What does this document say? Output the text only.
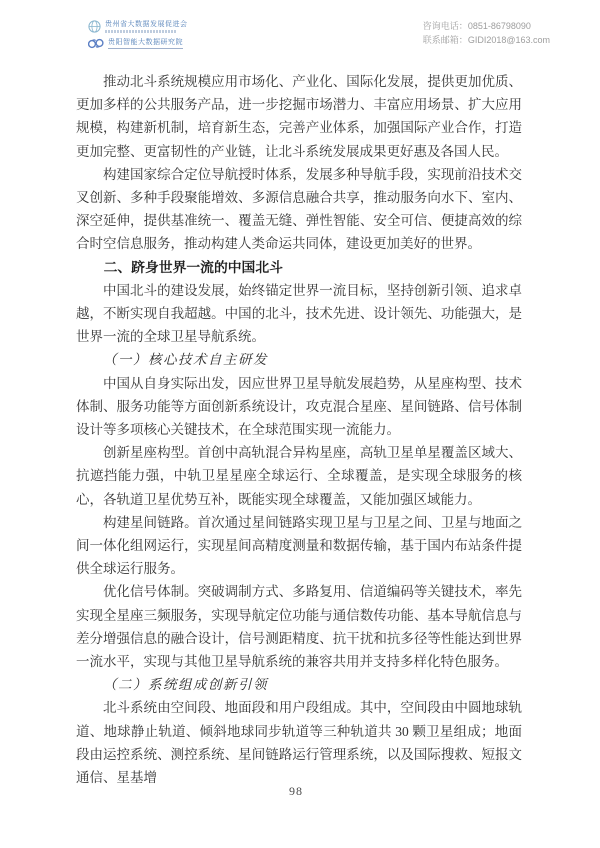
贵州省大数据发展促进会
贵阳智能大数据研究院
咨询电话：0851-86798090
联系邮箱：GIDI2018@163.com

推动北斗系统规模应用市场化、产业化、国际化发展，提供更加优质、更加多样的公共服务产品，进一步挖掘市场潜力、丰富应用场景、扩大应用规模，构建新机制，培育新生态，完善产业体系，加强国际产业合作，打造更加完整、更富韧性的产业链，让北斗系统发展成果更好惠及各国人民。

构建国家综合定位导航授时体系，发展多种导航手段，实现前沿技术交叉创新、多种手段聚能增效、多源信息融合共享，推动服务向水下、室内、深空延伸，提供基准统一、覆盖无缝、弹性智能、安全可信、便捷高效的综合时空信息服务，推动构建人类命运共同体，建设更加美好的世界。

二、跻身世界一流的中国北斗

中国北斗的建设发展，始终锚定世界一流目标，坚持创新引领、追求卓越，不断实现自我超越。中国的北斗，技术先进、设计领先、功能强大，是世界一流的全球卫星导航系统。

（一）核心技术自主研发

中国从自身实际出发，因应世界卫星导航发展趋势，从星座构型、技术体制、服务功能等方面创新系统设计，攻克混合星座、星间链路、信号体制设计等多项核心关键技术，在全球范围实现一流能力。

创新星座构型。首创中高轨混合异构星座，高轨卫星单星覆盖区域大、抗遮挡能力强，中轨卫星星座全球运行、全球覆盖，是实现全球服务的核心，各轨道卫星优势互补，既能实现全球覆盖，又能加强区域能力。

构建星间链路。首次通过星间链路实现卫星与卫星之间、卫星与地面之间一体化组网运行，实现星间高精度测量和数据传输，基于国内布站条件提供全球运行服务。

优化信号体制。突破调制方式、多路复用、信道编码等关键技术，率先实现全星座三频服务，实现导航定位功能与通信数传功能、基本导航信息与差分增强信息的融合设计，信号测距精度、抗干扰和抗多径等性能达到世界一流水平，实现与其他卫星导航系统的兼容共用并支持多样化特色服务。

（二）系统组成创新引领

北斗系统由空间段、地面段和用户段组成。其中，空间段由中圆地球轨道、地球静止轨道、倾斜地球同步轨道等三种轨道共 30 颗卫星组成；地面段由运控系统、测控系统、星间链路运行管理系统，以及国际搜救、短报文通信、星基增

98
